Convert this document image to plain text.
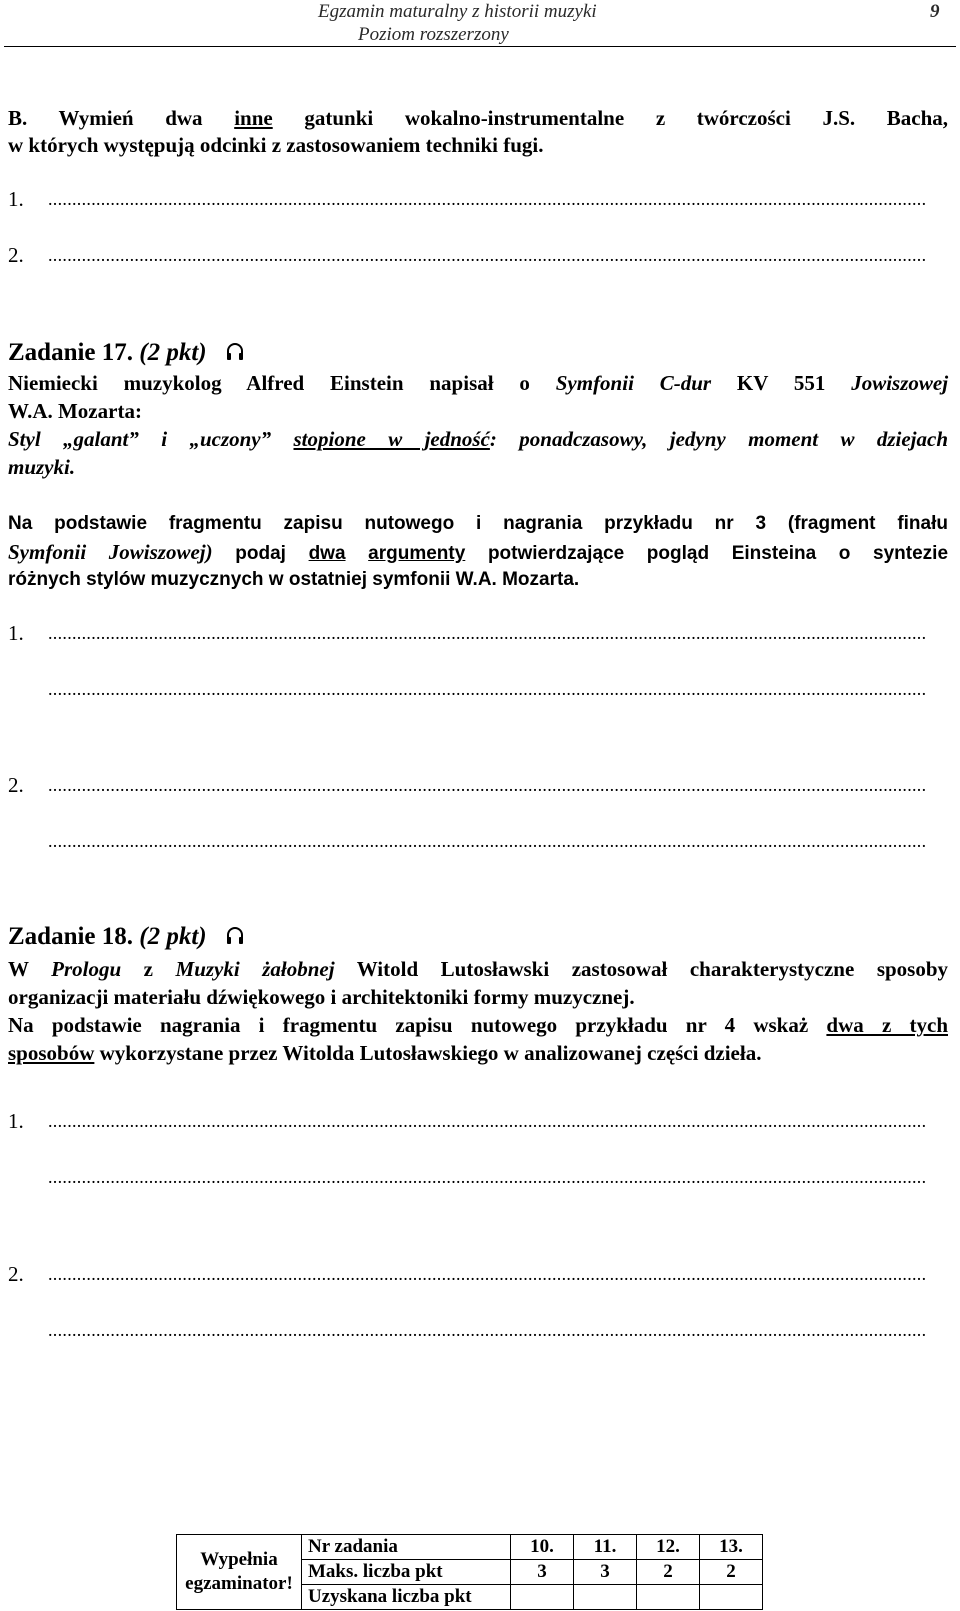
Egzamin maturalny z historii muzyki
Poziom rozszerzony
9
B. Wymień dwa inne gatunki wokalno-instrumentalne z twórczości J.S. Bacha,
w których występują odcinki z zastosowaniem techniki fugi.
1. .......................................................................................................................................................................................
2. .......................................................................................................................................................................................
Zadanie 17. (2 pkt)
Niemiecki muzykolog Alfred Einstein napisał o Symfonii C-dur KV 551 Jowiszowej
W.A. Mozarta:
Styl „galant” i „uczony” stopione w jedność: ponadczasowy, jedyny moment w dziejach
muzyki.
Na podstawie fragmentu zapisu nutowego i nagrania przykładu nr 3 (fragment finału
Symfonii Jowiszowej) podaj dwa argumenty potwierdzające pogląd Einsteina o syntezie
różnych stylów muzycznych w ostatniej symfonii W.A. Mozarta.
1. .......................................................................................................................................................................................
.......................................................................................................................................................................................
2. .......................................................................................................................................................................................
.......................................................................................................................................................................................
Zadanie 18. (2 pkt)
W Prologu z Muzyki żałobnej Witold Lutosławski zastosował charakterystyczne sposoby
organizacji materiału dźwiękowego i architektoniki formy muzycznej.
Na podstawie nagrania i fragmentu zapisu nutowego przykładu nr 4 wskaż dwa z tych
sposobów wykorzystane przez Witolda Lutosławskiego w analizowanej części dzieła.
1. .......................................................................................................................................................................................
.......................................................................................................................................................................................
2. .......................................................................................................................................................................................
.......................................................................................................................................................................................
Wypełnia
egzaminator!	Nr zadania	10.	11.	12.	13.
	Maks. liczba pkt	3	3	2	2
	Uzyskana liczba pkt				
